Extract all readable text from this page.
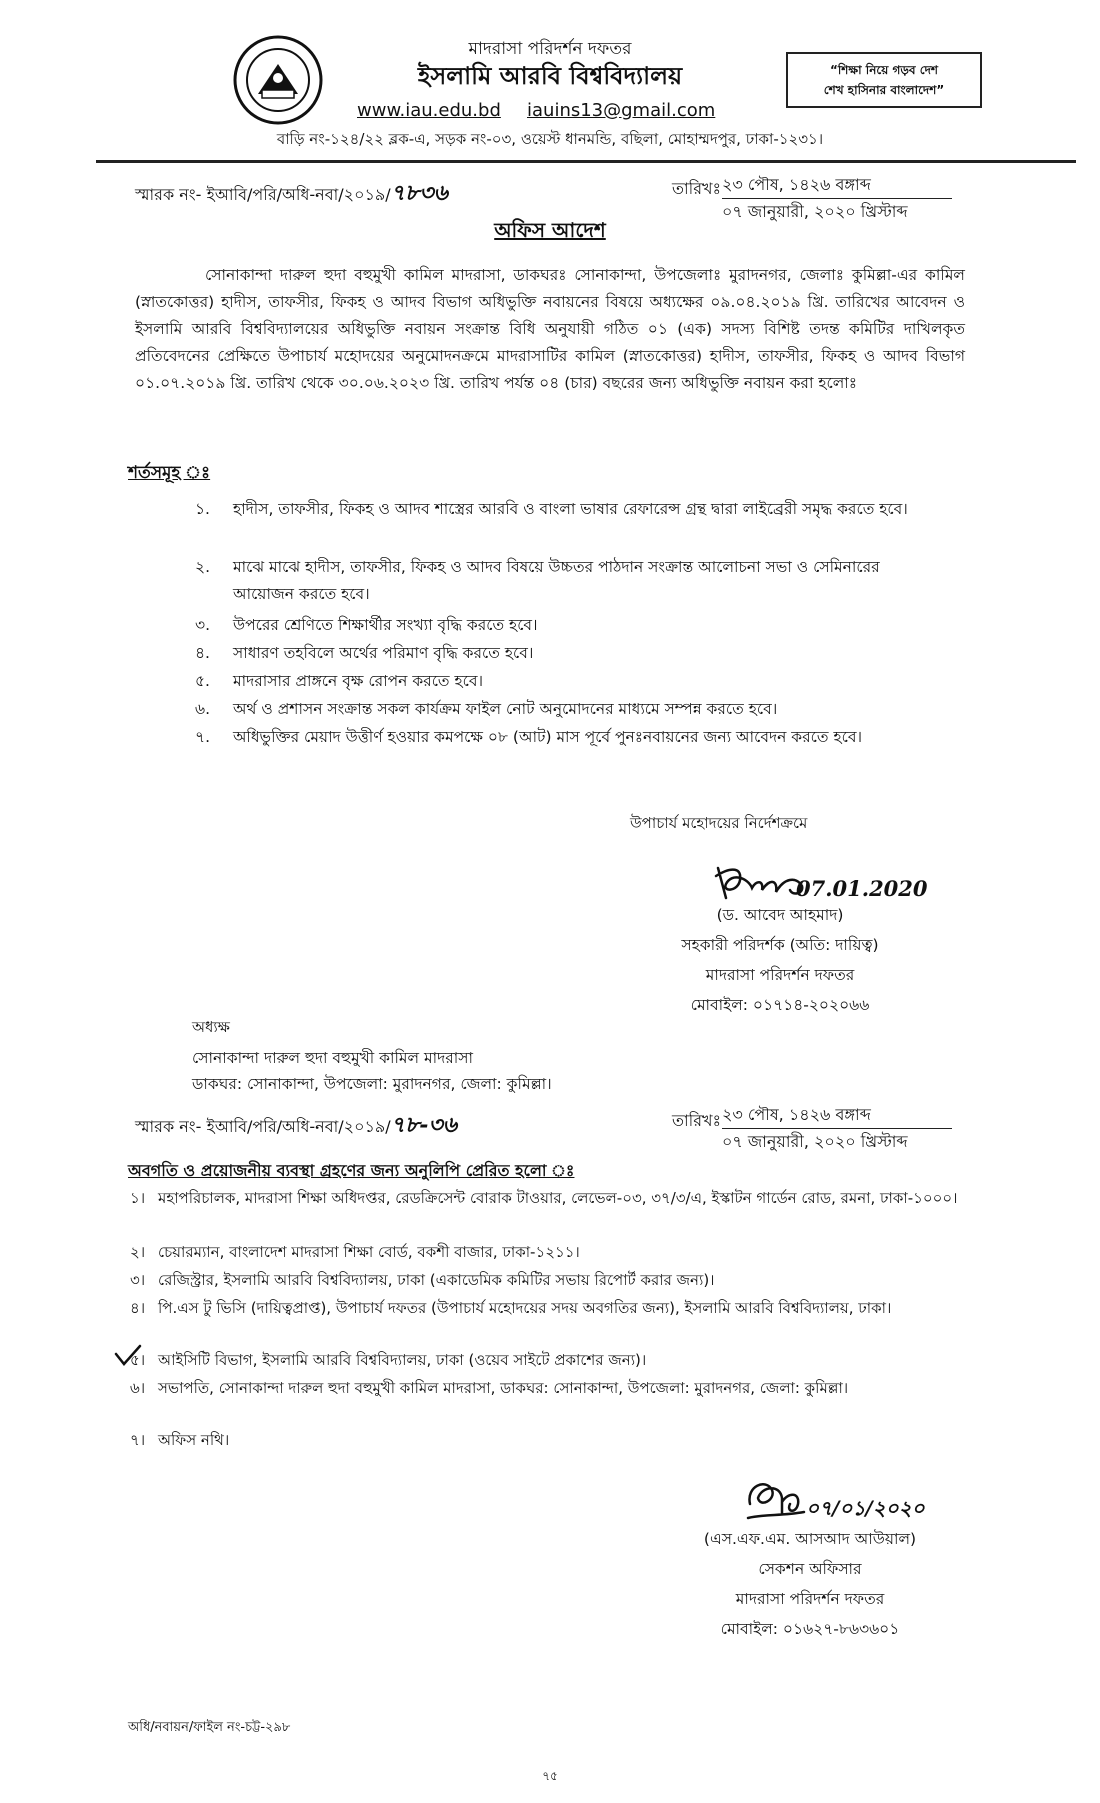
মাদরাসা পরিদর্শন দফতর
ইসলামি আরবি বিশ্ববিদ্যালয়
www.iau.edu.bd iauins13@gmail.com
বাড়ি নং-১২৪/২২ ব্লক-এ, সড়ক নং-০৩, ওয়েস্ট ধানমন্ডি, বছিলা, মোহাম্মদপুর, ঢাকা-১২৩১।
“শিক্ষা নিয়ে গড়ব দেশ
শেখ হাসিনার বাংলাদেশ”
স্মারক নং- ইআবি/পরি/অধি-নবা/২০১৯/৭৮৩৬	তারিখঃ ২৩ পৌষ, ১৪২৬ বঙ্গাব্দ
০৭ জানুয়ারী, ২০২০ খ্রিস্টাব্দ
অফিস আদেশ
সোনাকান্দা দারুল হুদা বহুমুখী কামিল মাদরাসা, ডাকঘরঃ সোনাকান্দা, উপজেলাঃ মুরাদনগর, জেলাঃ কুমিল্লা-এর কামিল (স্নাতকোত্তর) হাদীস, তাফসীর, ফিকহ ও আদব বিভাগ অধিভুক্তি নবায়নের বিষয়ে অধ্যক্ষের ০৯.০৪.২০১৯ খ্রি. তারিখের আবেদন ও ইসলামি আরবি বিশ্ববিদ্যালয়ের অধিভুক্তি নবায়ন সংক্রান্ত বিধি অনুযায়ী গঠিত ০১ (এক) সদস্য বিশিষ্ট তদন্ত কমিটির দাখিলকৃত প্রতিবেদনের প্রেক্ষিতে উপাচার্য মহোদয়ের অনুমোদনক্রমে মাদরাসাটির কামিল (স্নাতকোত্তর) হাদীস, তাফসীর, ফিকহ ও আদব বিভাগ ০১.০৭.২০১৯ খ্রি. তারিখ থেকে ৩০.০৬.২০২৩ খ্রি. তারিখ পর্যন্ত ০৪ (চার) বছরের জন্য অধিভুক্তি নবায়ন করা হলোঃ
শর্তসমূহ ঃ
১. হাদীস, তাফসীর, ফিকহ ও আদব শাস্ত্রের আরবি ও বাংলা ভাষার রেফারেন্স গ্রন্থ দ্বারা লাইব্রেরী সমৃদ্ধ করতে হবে।
২. মাঝে মাঝে হাদীস, তাফসীর, ফিকহ ও আদব বিষয়ে উচ্চতর পাঠদান সংক্রান্ত আলোচনা সভা ও সেমিনারের আয়োজন করতে হবে।
৩. উপরের শ্রেণিতে শিক্ষার্থীর সংখ্যা বৃদ্ধি করতে হবে।
৪. সাধারণ তহবিলে অর্থের পরিমাণ বৃদ্ধি করতে হবে।
৫. মাদরাসার প্রাঙ্গনে বৃক্ষ রোপন করতে হবে।
৬. অর্থ ও প্রশাসন সংক্রান্ত সকল কার্যক্রম ফাইল নোট অনুমোদনের মাধ্যমে সম্পন্ন করতে হবে।
৭. অধিভুক্তির মেয়াদ উত্তীর্ণ হওয়ার কমপক্ষে ০৮ (আট) মাস পূর্বে পুনঃনবায়নের জন্য আবেদন করতে হবে।
উপাচার্য মহোদয়ের নির্দেশক্রমে
07.01.2020
(ড. আবেদ আহমাদ)
সহকারী পরিদর্শক (অতি: দায়িত্ব)
মাদরাসা পরিদর্শন দফতর
মোবাইল: ০১৭১৪-২০২০৬৬
অধ্যক্ষ
সোনাকান্দা দারুল হুদা বহুমুখী কামিল মাদরাসা
ডাকঘর: সোনাকান্দা, উপজেলা: মুরাদনগর, জেলা: কুমিল্লা।
স্মারক নং- ইআবি/পরি/অধি-নবা/২০১৯/৭৮-৩৬	তারিখঃ ২৩ পৌষ, ১৪২৬ বঙ্গাব্দ
০৭ জানুয়ারী, ২০২০ খ্রিস্টাব্দ
অবগতি ও প্রয়োজনীয় ব্যবস্থা গ্রহণের জন্য অনুলিপি প্রেরিত হলো ঃ
১। মহাপরিচালক, মাদরাসা শিক্ষা অধিদপ্তর, রেডক্রিসেন্ট বোরাক টাওয়ার, লেভেল-০৩, ৩৭/৩/এ, ইস্কাটন গার্ডেন রোড, রমনা, ঢাকা-১০০০।
২। চেয়ারম্যান, বাংলাদেশ মাদরাসা শিক্ষা বোর্ড, বকশী বাজার, ঢাকা-১২১১।
৩। রেজিস্ট্রার, ইসলামি আরবি বিশ্ববিদ্যালয়, ঢাকা (একাডেমিক কমিটির সভায় রিপোর্ট করার জন্য)।
৪। পি.এস টু ভিসি (দায়িত্বপ্রাপ্ত), উপাচার্য দফতর (উপাচার্য মহোদয়ের সদয় অবগতির জন্য), ইসলামি আরবি বিশ্ববিদ্যালয়, ঢাকা।
৫। আইসিটি বিভাগ, ইসলামি আরবি বিশ্ববিদ্যালয়, ঢাকা (ওয়েব সাইটে প্রকাশের জন্য)।
৬। সভাপতি, সোনাকান্দা দারুল হুদা বহুমুখী কামিল মাদরাসা, ডাকঘর: সোনাকান্দা, উপজেলা: মুরাদনগর, জেলা: কুমিল্লা।
৭। অফিস নথি।
০৭/০১/২০২০
(এস.এফ.এম. আসআদ আউয়াল)
সেকশন অফিসার
মাদরাসা পরিদর্শন দফতর
মোবাইল: ০১৬২৭-৮৬৩৬০১
অধি/নবায়ন/ফাইল নং-চট্ট-২৯৮
৭৫
